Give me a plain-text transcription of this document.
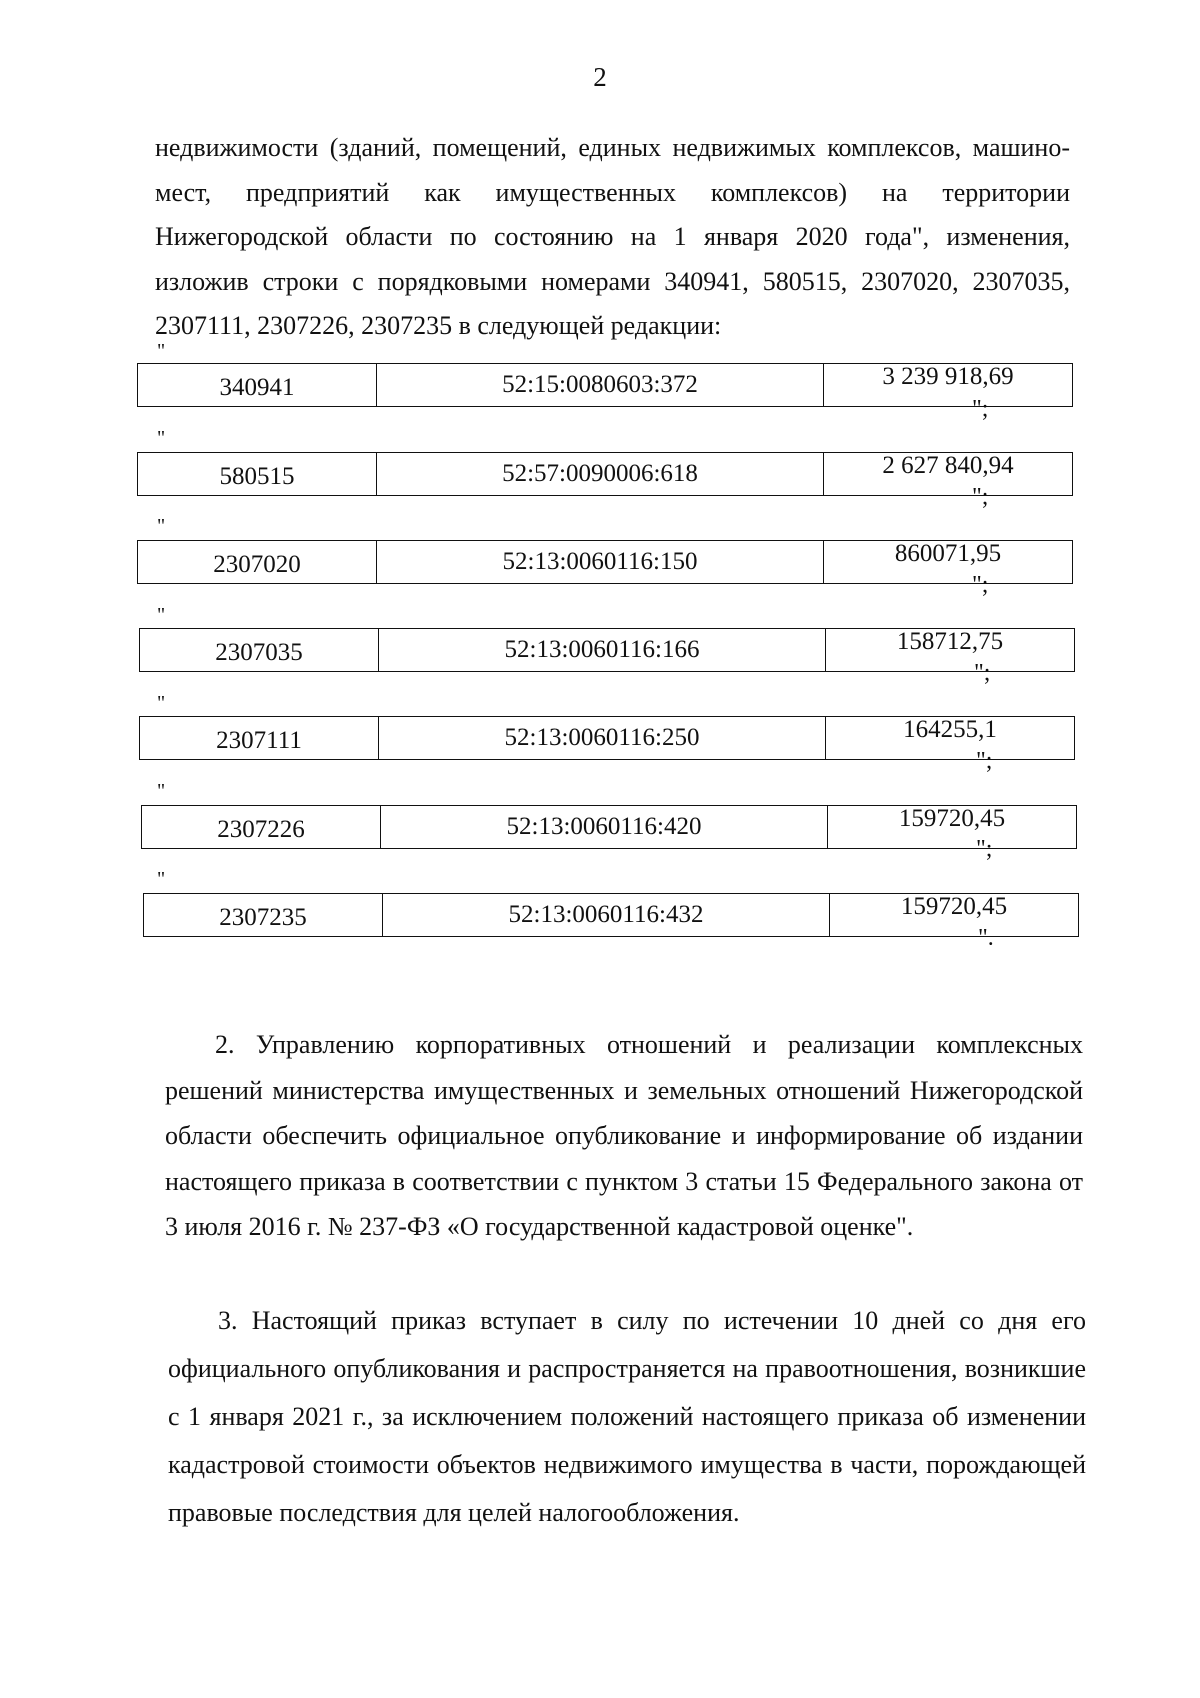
2

недвижимости (зданий, помещений, единых недвижимых комплексов, машино-мест, предприятий как имущественных комплексов) на территории Нижегородской области по состоянию на 1 января 2020 года", изменения, изложив строки с порядковыми номерами 340941, 580515, 2307020, 2307035, 2307111, 2307226, 2307235 в следующей редакции:

"
340941	52:15:0080603:372	3 239 918,69
";
"
580515	52:57:0090006:618	2 627 840,94
";
"
2307020	52:13:0060116:150	860071,95
";
"
2307035	52:13:0060116:166	158712,75
";
"
2307111	52:13:0060116:250	164255,1
";
"
2307226	52:13:0060116:420	159720,45
";
"
2307235	52:13:0060116:432	159720,45
".

2. Управлению корпоративных отношений и реализации комплексных решений министерства имущественных и земельных отношений Нижегородской области обеспечить официальное опубликование и информирование об издании настоящего приказа в соответствии с пунктом 3 статьи 15 Федерального закона от 3 июля 2016 г. № 237-ФЗ «О государственной кадастровой оценке".

3. Настоящий приказ вступает в силу по истечении 10 дней со дня его официального опубликования и распространяется на правоотношения, возникшие с 1 января 2021 г., за исключением положений настоящего приказа об изменении кадастровой стоимости объектов недвижимого имущества в части, порождающей правовые последствия для целей налогообложения.
